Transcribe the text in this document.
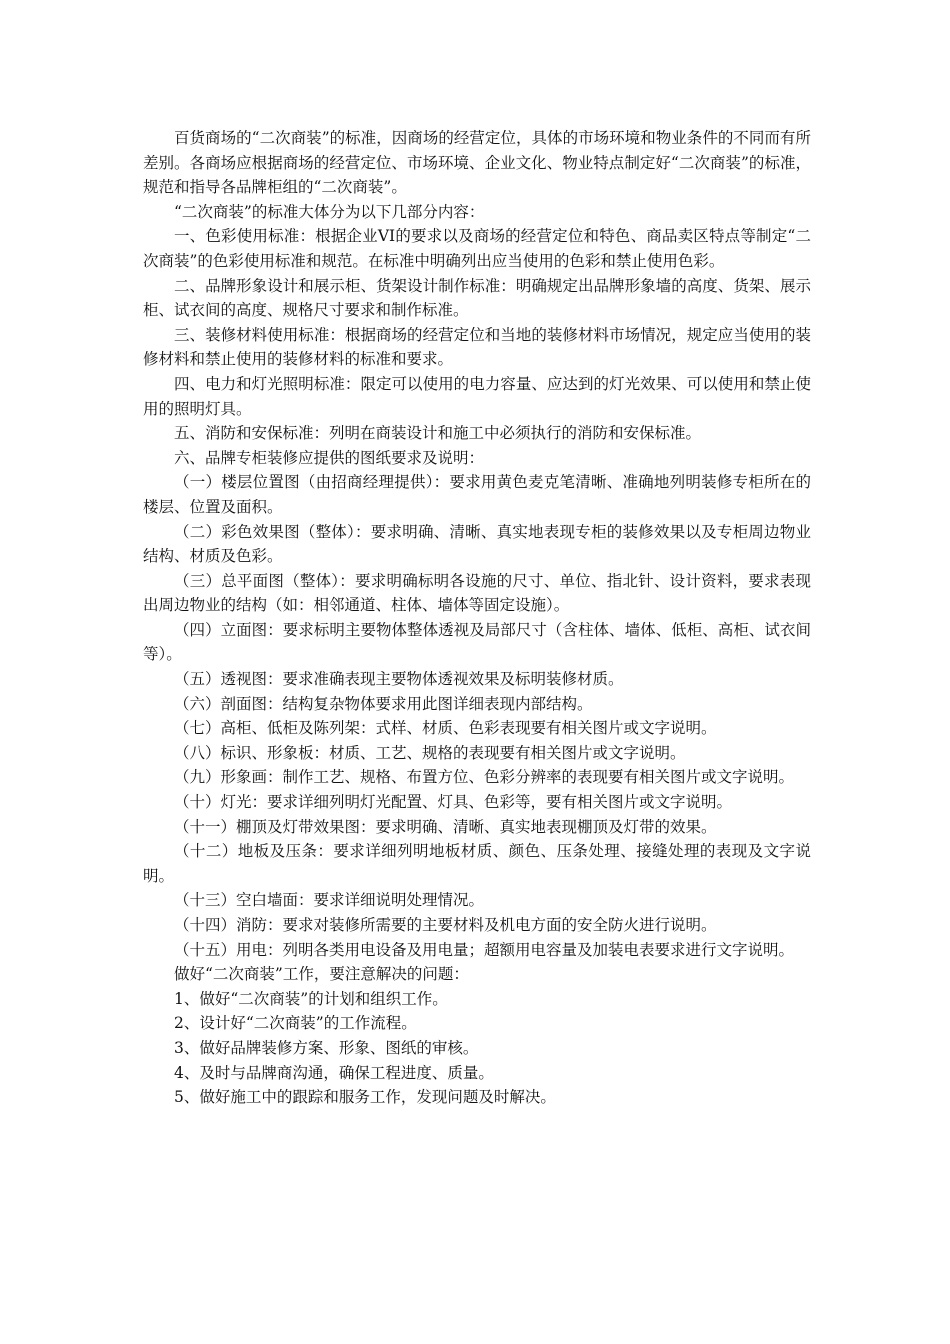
百货商场的“二次商装”的标准，因商场的经营定位，具体的市场环境和物业条件的不同而有所差别。各商场应根据商场的经营定位、市场环境、企业文化、物业特点制定好“二次商装”的标准，规范和指导各品牌柜组的“二次商装”。

“二次商装”的标准大体分为以下几部分内容：

一、色彩使用标准：根据企业VI的要求以及商场的经营定位和特色、商品卖区特点等制定“二次商装”的色彩使用标准和规范。在标准中明确列出应当使用的色彩和禁止使用色彩。

二、品牌形象设计和展示柜、货架设计制作标准：明确规定出品牌形象墙的高度、货架、展示柜、试衣间的高度、规格尺寸要求和制作标准。

三、装修材料使用标准：根据商场的经营定位和当地的装修材料市场情况，规定应当使用的装修材料和禁止使用的装修材料的标准和要求。

四、电力和灯光照明标准：限定可以使用的电力容量、应达到的灯光效果、可以使用和禁止使用的照明灯具。

五、消防和安保标准：列明在商装设计和施工中必须执行的消防和安保标准。

六、品牌专柜装修应提供的图纸要求及说明：

（一）楼层位置图（由招商经理提供）：要求用黄色麦克笔清晰、准确地列明装修专柜所在的楼层、位置及面积。

（二）彩色效果图（整体）：要求明确、清晰、真实地表现专柜的装修效果以及专柜周边物业结构、材质及色彩。

（三）总平面图（整体）：要求明确标明各设施的尺寸、单位、指北针、设计资料，要求表现出周边物业的结构（如：相邻通道、柱体、墙体等固定设施）。

（四）立面图：要求标明主要物体整体透视及局部尺寸（含柱体、墙体、低柜、高柜、试衣间等）。

（五）透视图：要求准确表现主要物体透视效果及标明装修材质。

（六）剖面图：结构复杂物体要求用此图详细表现内部结构。

（七）高柜、低柜及陈列架：式样、材质、色彩表现要有相关图片或文字说明。

（八）标识、形象板：材质、工艺、规格的表现要有相关图片或文字说明。

（九）形象画：制作工艺、规格、布置方位、色彩分辨率的表现要有相关图片或文字说明。

（十）灯光：要求详细列明灯光配置、灯具、色彩等，要有相关图片或文字说明。

（十一）棚顶及灯带效果图：要求明确、清晰、真实地表现棚顶及灯带的效果。

（十二）地板及压条：要求详细列明地板材质、颜色、压条处理、接缝处理的表现及文字说明。

（十三）空白墙面：要求详细说明处理情况。

（十四）消防：要求对装修所需要的主要材料及机电方面的安全防火进行说明。

（十五）用电：列明各类用电设备及用电量；超额用电容量及加装电表要求进行文字说明。

做好“二次商装”工作，要注意解决的问题：

1、做好“二次商装”的计划和组织工作。

2、设计好“二次商装”的工作流程。

3、做好品牌装修方案、形象、图纸的审核。

4、及时与品牌商沟通，确保工程进度、质量。

5、做好施工中的跟踪和服务工作，发现问题及时解决。
